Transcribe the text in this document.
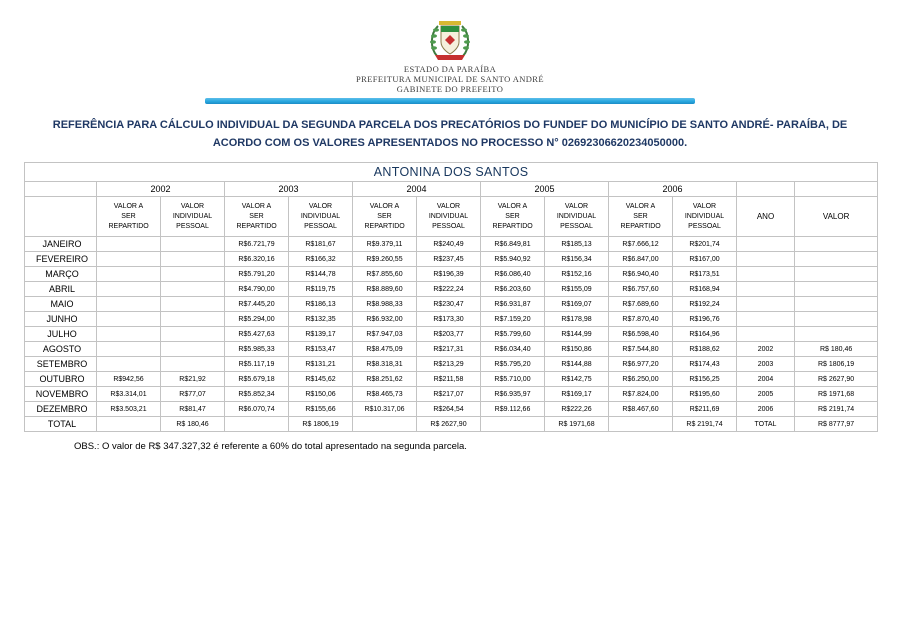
ESTADO DA PARAÍBA
PREFEITURA MUNICIPAL DE SANTO ANDRÉ
GABINETE DO PREFEITO

REFERÊNCIA PARA CÁLCULO INDIVIDUAL DA SEGUNDA PARCELA DOS PRECATÓRIOS DO FUNDEF DO MUNICÍPIO DE SANTO ANDRÉ- PARAÍBA, DE ACORDO COM OS VALORES APRESENTADOS NO PROCESSO N° 02692306620234050000.

ANTONINA DOS SANTOS												
	2002		2003		2004		2005		2006			
	VALOR A SER REPARTIDO	VALOR INDIVIDUAL PESSOAL	VALOR A SER REPARTIDO	VALOR INDIVIDUAL PESSOAL	VALOR A SER REPARTIDO	VALOR INDIVIDUAL PESSOAL	VALOR A SER REPARTIDO	VALOR INDIVIDUAL PESSOAL	VALOR A SER REPARTIDO	VALOR INDIVIDUAL PESSOAL	ANO	VALOR
JANEIRO			R$6.721,79	R$181,67	R$9.379,11	R$240,49	R$6.849,81	R$185,13	R$7.666,12	R$201,74		
FEVEREIRO			R$6.320,16	R$166,32	R$9.260,55	R$237,45	R$5.940,92	R$156,34	R$6.847,00	R$167,00		
MARÇO			R$5.791,20	R$144,78	R$7.855,60	R$196,39	R$6.086,40	R$152,16	R$6.940,40	R$173,51		
ABRIL			R$4.790,00	R$119,75	R$8.889,60	R$222,24	R$6.203,60	R$155,09	R$6.757,60	R$168,94		
MAIO			R$7.445,20	R$186,13	R$8.988,33	R$230,47	R$6.931,87	R$169,07	R$7.689,60	R$192,24		
JUNHO			R$5.294,00	R$132,35	R$6.932,00	R$173,30	R$7.159,20	R$178,98	R$7.870,40	R$196,76		
JULHO			R$5.427,63	R$139,17	R$7.947,03	R$203,77	R$5.799,60	R$144,99	R$6.598,40	R$164,96		
AGOSTO			R$5.985,33	R$153,47	R$8.475,09	R$217,31	R$6.034,40	R$150,86	R$7.544,80	R$188,62	2002	R$ 180,46
SETEMBRO			R$5.117,19	R$131,21	R$8.318,31	R$213,29	R$5.795,20	R$144,88	R$6.977,20	R$174,43	2003	R$ 1806,19
OUTUBRO	R$942,56	R$21,92	R$5.679,18	R$145,62	R$8.251,62	R$211,58	R$5.710,00	R$142,75	R$6.250,00	R$156,25	2004	R$ 2627,90
NOVEMBRO	R$3.314,01	R$77,07	R$5.852,34	R$150,06	R$8.465,73	R$217,07	R$6.935,97	R$169,17	R$7.824,00	R$195,60	2005	R$ 1971,68
DEZEMBRO	R$3.503,21	R$81,47	R$6.070,74	R$155,66	R$10.317,06	R$264,54	R$9.112,66	R$222,26	R$8.467,60	R$211,69	2006	R$ 2191,74
TOTAL		R$ 180,46		R$ 1806,19		R$ 2627,90		R$ 1971,68		R$ 2191,74	TOTAL	R$ 8777,97

OBS.: O valor de R$ 347.327,32 é referente a 60% do total apresentado na segunda parcela.
